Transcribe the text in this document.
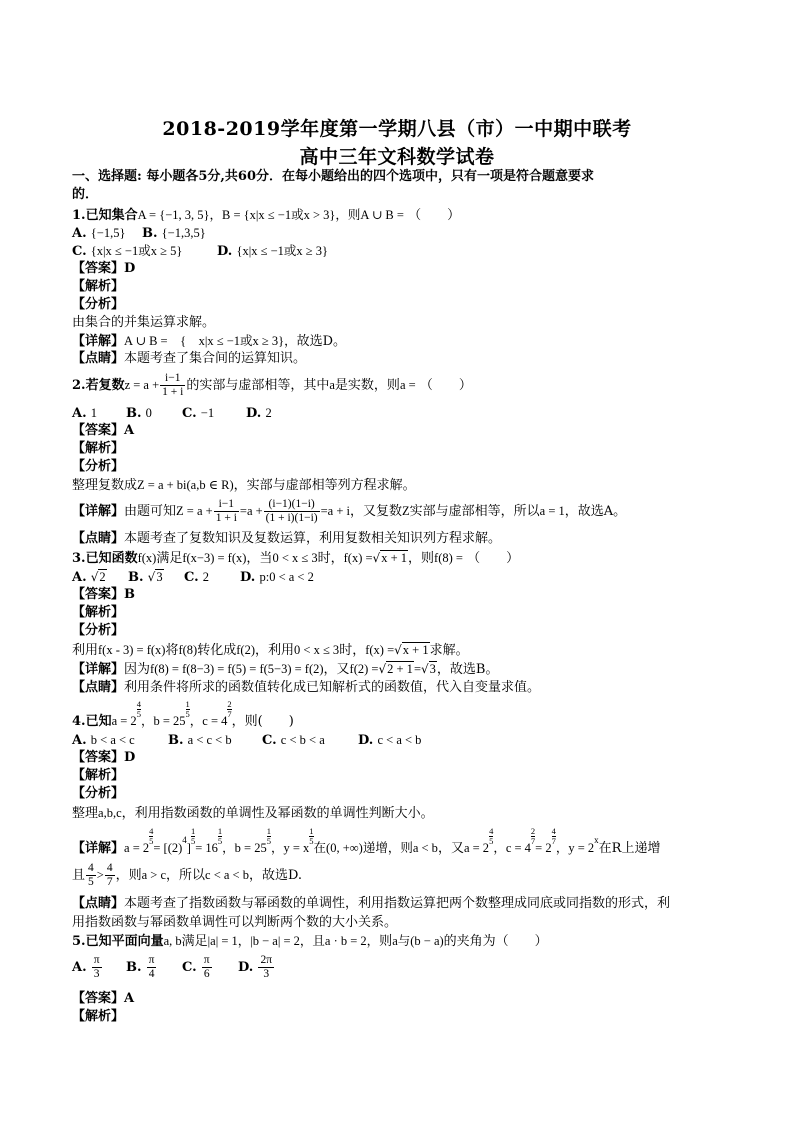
2018-2019学年度第一学期八县（市）一中期中联考
高中三年文科数学试卷
一、选择题: 每小题各5分,共60分．在每小题给出的四个选项中，只有一项是符合题意要求
的．
1.已知集合A = {−1, 3, 5}，B = {x|x ≤ −1或x > 3}，则A ∪ B = （　　）
A. {−1,5} B. {−1,3,5}
C. {x|x ≤ −1或x ≥ 5}	D. {x|x ≤ −1或x ≥ 3}
【答案】D
【解析】
【分析】
由集合的并集运算求解。
【详解】A ∪ B =　{　x|x ≤ −1或x ≥ 3}，故选D。
【点睛】本题考查了集合间的运算知识。
2.若复数$z = a + \frac{i-1}{1 + i}$ 的实部与虚部相等，其中a是实数，则a = （　　）
A. 1 B. 0 C. −1 D. 2
【答案】A
【解析】
【分析】
整理复数成Z = a + bi(a,b ∈ R)，实部与虚部相等列方程求解。
【详解】由题可知$Z = a + \frac{i-1}{1 + i} =a + \frac{(i-1)(1-i)}{(1 + i)(1-i)} =a + i$，又复数Z实部与虚部相等，所以a = 1，故选A。
【点睛】本题考查了复数知识及复数运算，利用复数相关知识列方程求解。
3.已知函数f(x)满足f(x−3) = f(x)，当0 < x ≤ 3时，f(x) =√x + 1，则f(8) = （　　）
A. √2 B. √3 C. 2 D. p:0 < a < 2
【答案】B
【解析】
【分析】
利用f(x - 3) = f(x)将f(8)转化成f(2)，利用0 < x ≤ 3时，f(x) =√x + 1求解。
【详解】因为f(8) = f(8−3) = f(5) = f(5−3) = f(2)，又f(2) =√2 + 1=√3，故选B。
【点睛】利用条件将所求的函数值转化成已知解析式的函数值，代入自变量求值。
4.已知a = 2
$\frac{4}{5}$
，b = 25
$\frac{1}{5}$
，c = 4
$\frac{2}{7}$
，则(　　)
A. b < a < c	B. a < c < b C. c < b < a	D. c < a < b
【答案】D
【解析】
【分析】
整理a,b,c，利用指数函数的单调性及幂函数的单调性判断大小。
【详解】a = 2
$\frac{4}{5}$
= $[(2)^4]$
$\frac{1}{5}$
= 16
$\frac{1}{5}$
，b = 25
$\frac{1}{5}$
，y = x
$\frac{1}{5}$
在(0, +∞)递增，则a < b，又a = 2
$\frac{4}{5}$
，c = 4
$\frac{2}{7}$
= 2
$\frac{4}{7}$
，$y = 2^x$在R上递增
且 $\frac{4}{5} > \frac{4}{7}$ ，则a > c，所以c < a < b，故选D.
【点睛】本题考查了指数函数与幂函数的单调性，利用指数运算把两个数整理成同底或同指数的形式，利
用指数函数与幂函数单调性可以判断两个数的大小关系。
5.已知平面向量a, b满足|a| = 1，|b − a| = 2，且a · b = 2，则a与(b − a)的夹角为（　　）
A. $\frac{\pi}{3} B$. $\frac{\pi}{4} C$. $\frac{\pi}{6} D$. $\frac{2\pi}{3}$
【答案】A
【解析】
